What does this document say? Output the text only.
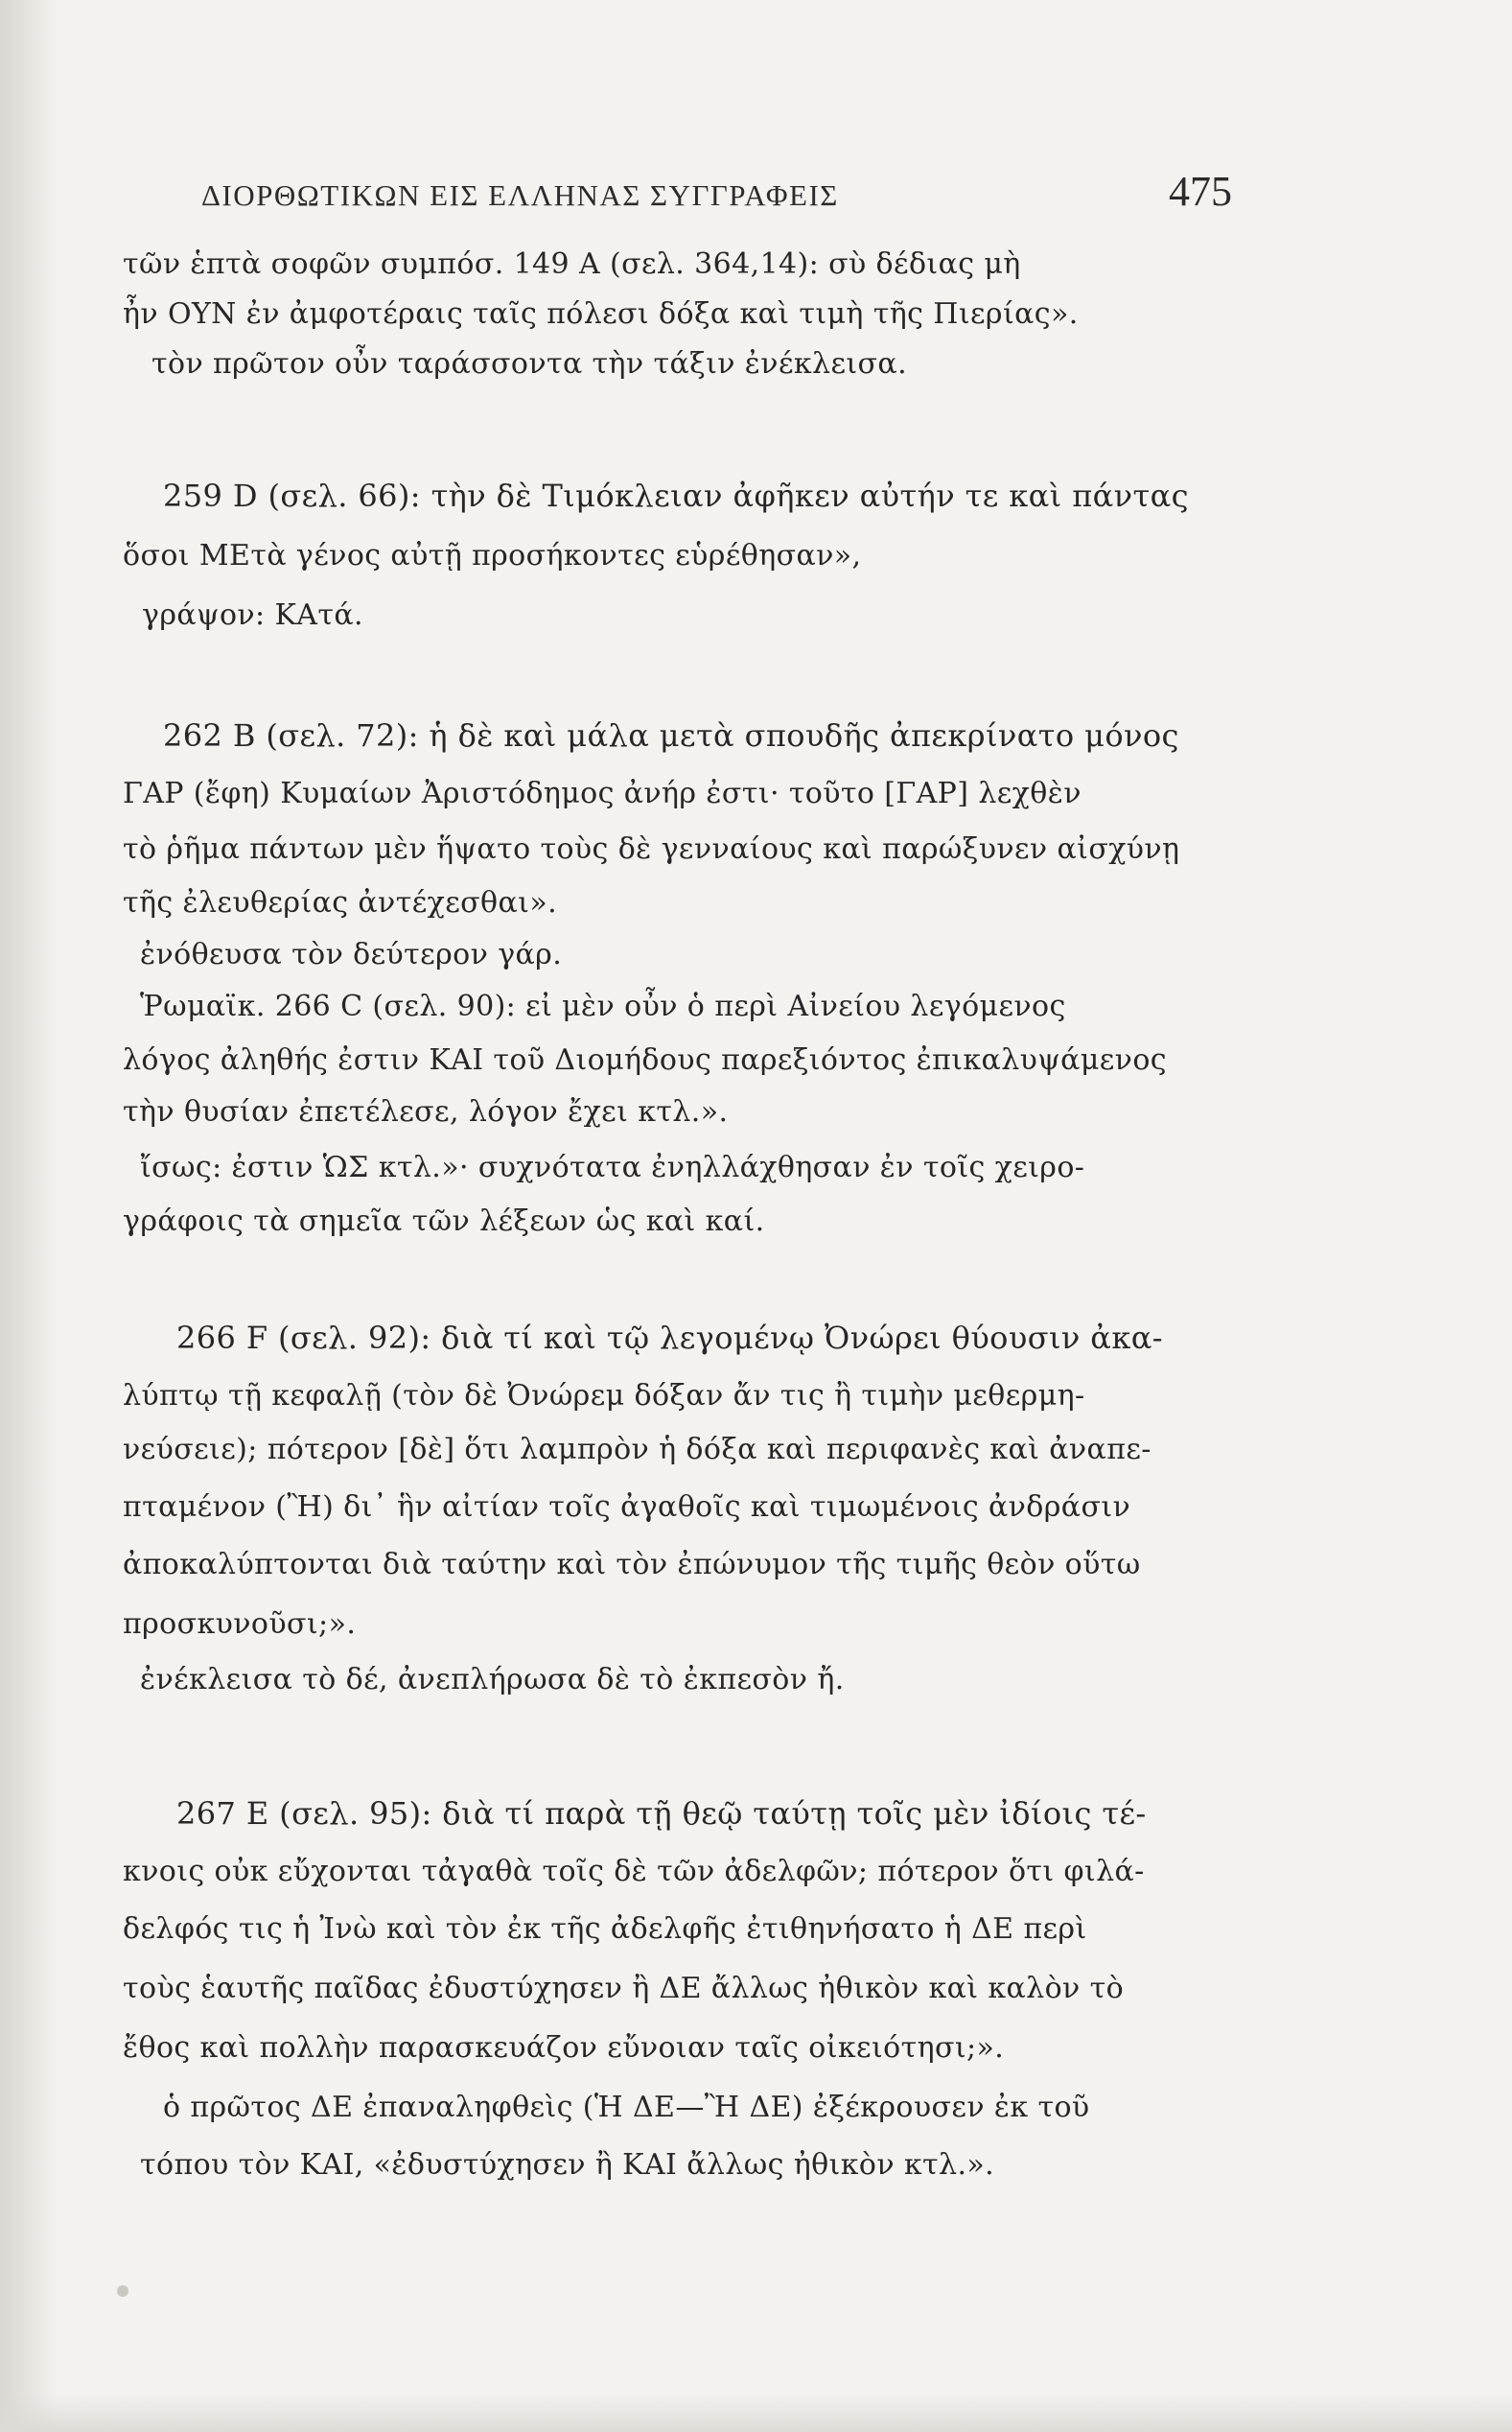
ΔΙΟΡΘΩΤΙΚΩΝ ΕΙΣ ΕΛΛΗΝΑΣ ΣΥΓΓΡΑΦΕΙΣ	475
τῶν ἑπτὰ σοφῶν συμπόσ. 149 Α (σελ. 364,14): σὺ δέδιας μὴ
ἦν ΟΥΝ ἐν ἀμφοτέραις ταῖς πόλεσι δόξα καὶ τιμὴ τῆς Πιερίας».
τὸν πρῶτον οὖν ταράσσοντα τὴν τάξιν ἐνέκλεισα.
259 D (σελ. 66): τὴν δὲ Τιμόκλειαν ἀφῆκεν αὐτήν τε καὶ πάντας
ὅσοι ΜΕτὰ γένος αὐτῇ προσήκοντες εὑρέθησαν»,
γράψον: ΚΑτά.
262 B (σελ. 72): ἡ δὲ καὶ μάλα μετὰ σπουδῆς ἀπεκρίνατο μόνος
ΓΑΡ (ἔφη) Κυμαίων Ἀριστόδημος ἀνήρ ἐστι· τοῦτο [ΓΑΡ] λεχθὲν
τὸ ῥῆμα πάντων μὲν ἥψατο τοὺς δὲ γενναίους καὶ παρώξυνεν αἰσχύνῃ
τῆς ἐλευθερίας ἀντέχεσθαι».
ἐνόθευσα τὸν δεύτερον γάρ.
Ῥωμαϊκ. 266 C (σελ. 90): εἰ μὲν οὖν ὁ περὶ Αἰνείου λεγόμενος
λόγος ἀληθής ἐστιν ΚΑΙ τοῦ Διομήδους παρεξιόντος ἐπικαλυψάμενος
τὴν θυσίαν ἐπετέλεσε, λόγον ἔχει κτλ.».
ἴσως: ἐστιν ὩΣ κτλ.»· συχνότατα ἐνηλλάχθησαν ἐν τοῖς χειρο-
γράφοις τὰ σημεῖα τῶν λέξεων ὡς καὶ καί.
266 F (σελ. 92): διὰ τί καὶ τῷ λεγομένῳ Ὀνώρει θύουσιν ἀκα-
λύπτῳ τῇ κεφαλῇ (τὸν δὲ Ὀνώρεμ δόξαν ἄν τις ἢ τιμὴν μεθερμη-
νεύσειε); πότερον [δὲ] ὅτι λαμπρὸν ἡ δόξα καὶ περιφανὲς καὶ ἀναπε-
πταμένον (Ἢ) δι᾽ ἣν αἰτίαν τοῖς ἀγαθοῖς καὶ τιμωμένοις ἀνδράσιν
ἀποκαλύπτονται διὰ ταύτην καὶ τὸν ἐπώνυμον τῆς τιμῆς θεὸν οὕτω
προσκυνοῦσι;».
ἐνέκλεισα τὸ δέ, ἀνεπλήρωσα δὲ τὸ ἐκπεσὸν ἤ.
267 E (σελ. 95): διὰ τί παρὰ τῇ θεῷ ταύτῃ τοῖς μὲν ἰδίοις τέ-
κνοις οὐκ εὔχονται τἀγαθὰ τοῖς δὲ τῶν ἀδελφῶν; πότερον ὅτι φιλά-
δελφός τις ἡ Ἰνὼ καὶ τὸν ἐκ τῆς ἀδελφῆς ἐτιθηνήσατο ἡ ΔΕ περὶ
τοὺς ἑαυτῆς παῖδας ἐδυστύχησεν ἢ ΔΕ ἄλλως ἠθικὸν καὶ καλὸν τὸ
ἔθος καὶ πολλὴν παρασκευάζον εὔνοιαν ταῖς οἰκειότησι;».
ὁ πρῶτος ΔΕ ἐπαναληφθεὶς (Ἡ ΔΕ—Ἢ ΔΕ) ἐξέκρουσεν ἐκ τοῦ
τόπου τὸν ΚΑΙ, «ἐδυστύχησεν ἢ ΚΑΙ ἄλλως ἠθικὸν κτλ.».
